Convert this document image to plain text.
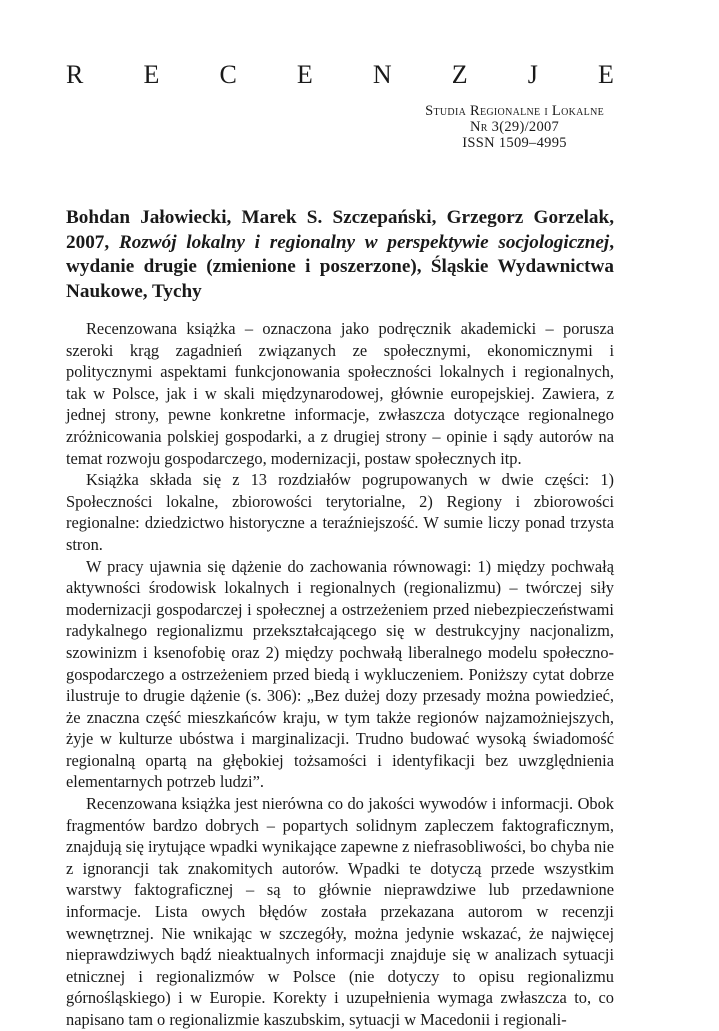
R E C E N Z J E
Studia Regionalne i Lokalne
Nr 3(29)/2007
ISSN 1509–4995
Bohdan Jałowiecki, Marek S. Szczepański, Grzegorz Gorzelak, 2007, Rozwój lokalny i regionalny w perspektywie socjologicznej, wydanie drugie (zmienione i poszerzone), Śląskie Wydawnictwa Naukowe, Tychy

Recenzowana książka – oznaczona jako podręcznik akademicki – porusza szeroki krąg zagadnień związanych ze społecznymi, ekonomicznymi i politycznymi aspektami funkcjonowania społeczności lokalnych i regionalnych, tak w Polsce, jak i w skali międzynarodowej, głównie europejskiej. Zawiera, z jednej strony, pewne konkretne informacje, zwłaszcza dotyczące regionalnego zróżnicowania polskiej gospodarki, a z drugiej strony – opinie i sądy autorów na temat rozwoju gospodarczego, modernizacji, postaw społecznych itp.

Książka składa się z 13 rozdziałów pogrupowanych w dwie części: 1) Społeczności lokalne, zbiorowości terytorialne, 2) Regiony i zbiorowości regionalne: dziedzictwo historyczne a teraźniejszość. W sumie liczy ponad trzysta stron.

W pracy ujawnia się dążenie do zachowania równowagi: 1) między pochwałą aktywności środowisk lokalnych i regionalnych (regionalizmu) – twórczej siły modernizacji gospodarczej i społecznej a ostrzeżeniem przed niebezpieczeństwami radykalnego regionalizmu przekształcającego się w destrukcyjny nacjonalizm, szowinizm i ksenofobię oraz 2) między pochwałą liberalnego modelu społeczno-gospodarczego a ostrzeżeniem przed biedą i wykluczeniem. Poniższy cytat dobrze ilustruje to drugie dążenie (s. 306): „Bez dużej dozy przesady można powiedzieć, że znaczna część mieszkańców kraju, w tym także regionów najzamożniejszych, żyje w kulturze ubóstwa i marginalizacji. Trudno budować wysoką świadomość regionalną opartą na głębokiej tożsamości i identyfikacji bez uwzględnienia elementarnych potrzeb ludzi”.

Recenzowana książka jest nierówna co do jakości wywodów i informacji. Obok fragmentów bardzo dobrych – popartych solidnym zapleczem faktograficznym, znajdują się irytujące wpadki wynikające zapewne z niefrasobliwości, bo chyba nie z ignorancji tak znakomitych autorów. Wpadki te dotyczą przede wszystkim warstwy faktograficznej – są to głównie nieprawdziwe lub przedawnione informacje. Lista owych błędów została przekazana autorom w recenzji wewnętrznej. Nie wnikając w szczegóły, można jedynie wskazać, że najwięcej nieprawdziwych bądź nieaktualnych informacji znajduje się w analizach sytuacji etnicznej i regionalizmów w Polsce (nie dotyczy to opisu regionalizmu górnośląskiego) i w Europie. Korekty i uzupełnienia wymaga zwłaszcza to, co napisano tam o regionalizmie kaszubskim, sytuacji w Macedonii i regionali-
